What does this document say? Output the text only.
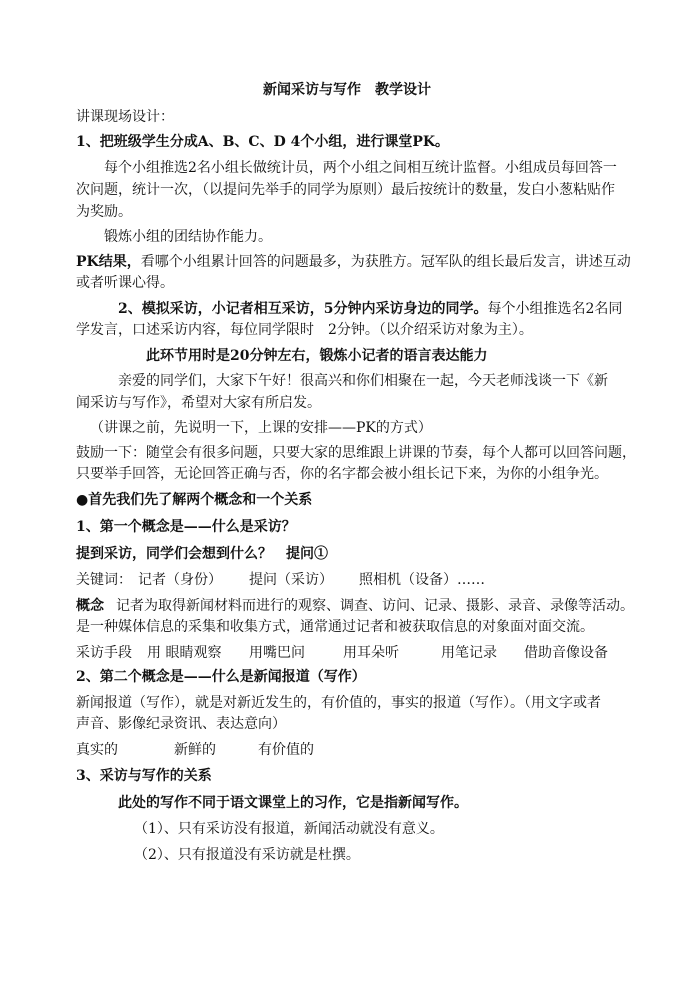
新闻采访与写作　教学设计
讲课现场设计：
1、把班级学生分成A、B、C、D 4个小组，进行课堂PK。
每个小组推选2名小组长做统计员，两个小组之间相互统计监督。小组成员每回答一
次问题，统计一次，（以提问先举手的同学为原则）最后按统计的数量，发白小葱粘贴作
为奖励。
锻炼小组的团结协作能力。
PK结果，看哪个小组累计回答的问题最多，为获胜方。冠军队的组长最后发言，讲述互动
或者听课心得。
2、模拟采访，小记者相互采访，5分钟内采访身边的同学。每个小组推选名2名同
学发言，口述采访内容，每位同学限时　2分钟。（以介绍采访对象为主）。
此环节用时是20分钟左右，锻炼小记者的语言表达能力
亲爱的同学们，大家下午好！很高兴和你们相聚在一起，今天老师浅谈一下《新
闻采访与写作》，希望对大家有所启发。
（讲课之前，先说明一下，上课的安排——PK的方式）
鼓励一下：随堂会有很多问题，只要大家的思维跟上讲课的节奏，每个人都可以回答问题，
只要举手回答，无论回答正确与否，你的名字都会被小组长记下来，为你的小组争光。
●首先我们先了解两个概念和一个关系
1、第一个概念是——什么是采访？
提到采访，同学们会想到什么？　提问①
关键词： 记者（身份） 提问（采访） 照相机（设备）……
概念 记者为取得新闻材料而进行的观察、调查、访问、记录、摄影、录音、录像等活动。
是一种媒体信息的采集和收集方式，通常通过记者和被获取信息的对象面对面交流。
采访手段 用 眼睛观察 用嘴巴问	用耳朵听	用笔记录 借助音像设备
2、第二个概念是——什么是新闻报道（写作）
新闻报道（写作），就是对新近发生的，有价值的，事实的报道（写作）。（用文字或者
声音、影像纪录资讯、表达意向）
真实的	新鲜的	有价值的
3、采访与写作的关系
此处的写作不同于语文课堂上的习作，它是指新闻写作。
（1）、只有采访没有报道，新闻活动就没有意义。
（2）、只有报道没有采访就是杜撰。
